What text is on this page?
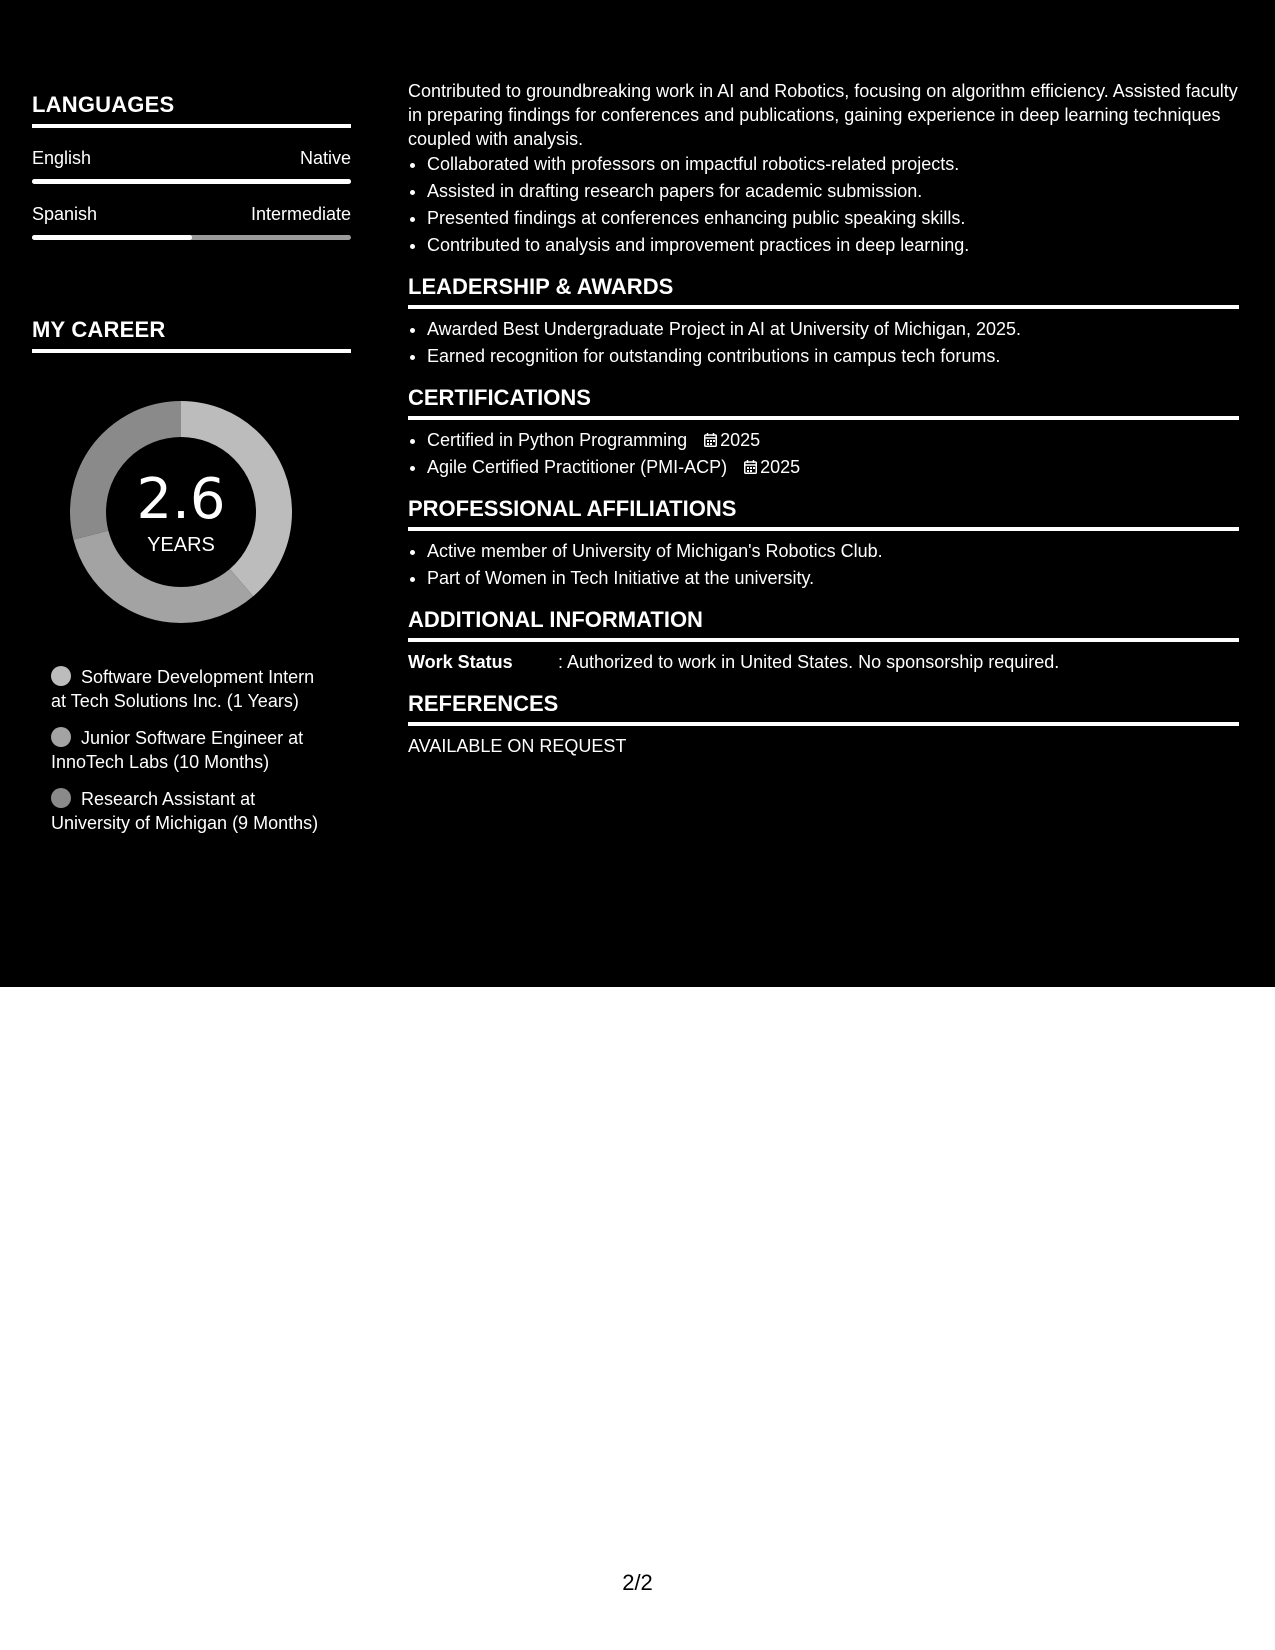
LANGUAGES
English	Native
Spanish	Intermediate
MY CAREER
2.6
YEARS
Software Development Intern at Tech Solutions Inc. (1 Years)
Junior Software Engineer at InnoTech Labs (10 Months)
Research Assistant at University of Michigan (9 Months)

Contributed to groundbreaking work in AI and Robotics, focusing on algorithm efficiency. Assisted faculty in preparing findings for conferences and publications, gaining experience in deep learning techniques coupled with analysis.

• Collaborated with professors on impactful robotics-related projects.
• Assisted in drafting research papers for academic submission.
• Presented findings at conferences enhancing public speaking skills.
• Contributed to analysis and improvement practices in deep learning.
LEADERSHIP & AWARDS
• Awarded Best Undergraduate Project in AI at University of Michigan, 2025.
• Earned recognition for outstanding contributions in campus tech forums.
CERTIFICATIONS
• Certified in Python Programming 2025
• Agile Certified Practitioner (PMI-ACP) 2025
PROFESSIONAL AFFILIATIONS
• Active member of University of Michigan's Robotics Club.
• Part of Women in Tech Initiative at the university.
ADDITIONAL INFORMATION
Work Status	: Authorized to work in United States. No sponsorship required.
REFERENCES
AVAILABLE ON REQUEST
2/2
